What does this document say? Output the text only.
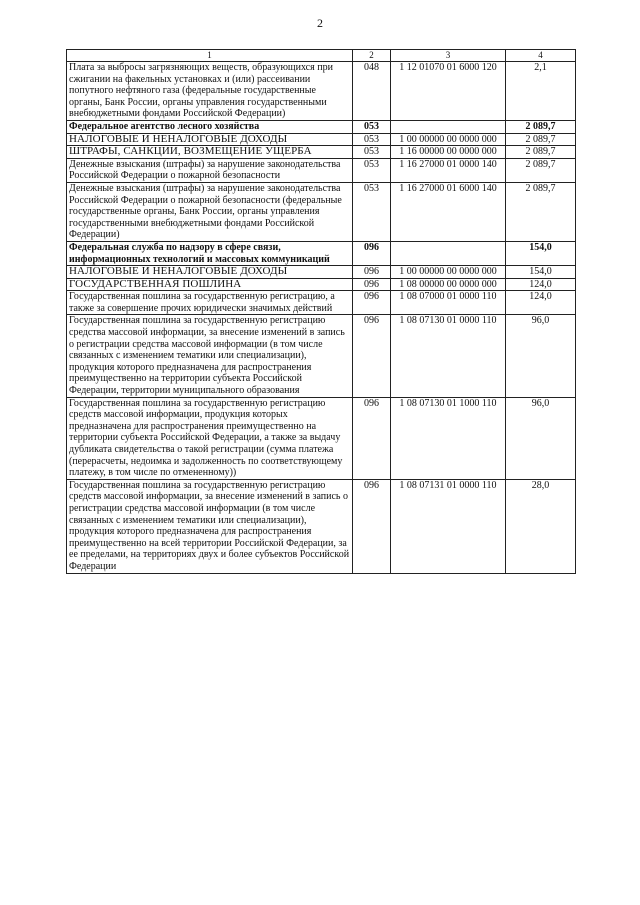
2
1	2	3	4
Плата за выбросы загрязняющих веществ, образующихся при сжигании на факельных установках и (или) рассеивании попутного нефтяного газа (федеральные государственные органы, Банк России, органы управления государственными внебюджетными фондами Российской Федерации)	048	1 12 01070 01 6000 120	2,1
Федеральное агентство лесного хозяйства	053		2 089,7
НАЛОГОВЫЕ И НЕНАЛОГОВЫЕ ДОХОДЫ	053	1 00 00000 00 0000 000	2 089,7
ШТРАФЫ, САНКЦИИ, ВОЗМЕЩЕНИЕ УЩЕРБА	053	1 16 00000 00 0000 000	2 089,7
Денежные взыскания (штрафы) за нарушение законодательства Российской Федерации о пожарной безопасности	053	1 16 27000 01 0000 140	2 089,7
Денежные взыскания (штрафы) за нарушение законодательства Российской Федерации о пожарной безопасности (федеральные государственные органы, Банк России, органы управления государственными внебюджетными фондами Российской Федерации)	053	1 16 27000 01 6000 140	2 089,7
Федеральная служба по надзору в сфере связи, информационных технологий и массовых коммуникаций	096		154,0
НАЛОГОВЫЕ И НЕНАЛОГОВЫЕ ДОХОДЫ	096	1 00 00000 00 0000 000	154,0
ГОСУДАРСТВЕННАЯ ПОШЛИНА	096	1 08 00000 00 0000 000	124,0
Государственная пошлина за государственную регистрацию, а также за совершение прочих юридически значимых действий	096	1 08 07000 01 0000 110	124,0
Государственная пошлина за государственную регистрацию средства массовой информации, за внесение изменений в запись о регистрации средства массовой информации (в том числе связанных с изменением тематики или специализации), продукция которого предназначена для распространения преимущественно на территории субъекта Российской Федерации, территории муниципального образования	096	1 08 07130 01 0000 110	96,0
Государственная пошлина за государственную регистрацию средств массовой информации, продукция которых предназначена для распространения преимущественно на территории субъекта Российской Федерации, а также за выдачу дубликата свидетельства о такой регистрации (сумма платежа (перерасчеты, недоимка и задолженность по соответствующему платежу, в том числе по отмененному))	096	1 08 07130 01 1000 110	96,0
Государственная пошлина за государственную регистрацию средств массовой информации, за внесение изменений в запись о регистрации средства массовой информации (в том числе связанных с изменением тематики или специализации), продукция которого предназначена для распространения преимущественно на всей территории Российской Федерации, за ее пределами, на территориях двух и более субъектов Российской Федерации	096	1 08 07131 01 0000 110	28,0
